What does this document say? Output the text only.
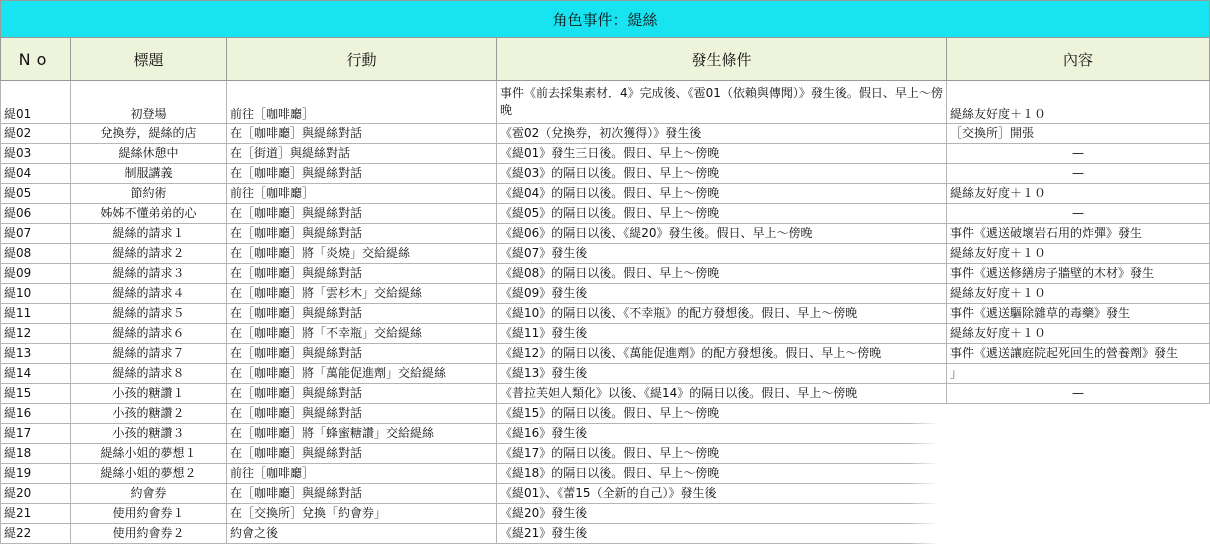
角色事件：緹絲
No	標題	行動	發生條件	內容
緹01	初登場	前往［咖啡廳］	事件《前去採集素材．4》完成後、《雹01（依賴與傳聞）》發生後。假日、早上～傍晚	緹絲友好度＋１０
緹02	兌換券，緹絲的店	在［咖啡廳］與緹絲對話	《雹02（兌換券，初次獲得）》發生後	［交換所］開張
緹03	緹絲休憩中	在［街道］與緹絲對話	《緹01》發生三日後。假日、早上～傍晚	—
緹04	制服講義	在［咖啡廳］與緹絲對話	《緹03》的隔日以後。假日、早上～傍晚	—
緹05	節約術	前往［咖啡廳］	《緹04》的隔日以後。假日、早上～傍晚	緹絲友好度＋１０
緹06	姊姊不懂弟弟的心	在［咖啡廳］與緹絲對話	《緹05》的隔日以後。假日、早上～傍晚	—
緹07	緹絲的請求１	在［咖啡廳］與緹絲對話	《緹06》的隔日以後、《緹20》發生後。假日、早上～傍晚	事件《遞送破壞岩石用的炸彈》發生
緹08	緹絲的請求２	在［咖啡廳］將「炎燒」交給緹絲	《緹07》發生後	緹絲友好度＋１０
緹09	緹絲的請求３	在［咖啡廳］與緹絲對話	《緹08》的隔日以後。假日、早上～傍晚	事件《遞送修繕房子牆壁的木材》發生
緹10	緹絲的請求４	在［咖啡廳］將「雲杉木」交給緹絲	《緹09》發生後	緹絲友好度＋１０
緹11	緹絲的請求５	在［咖啡廳］與緹絲對話	《緹10》的隔日以後、《不幸瓶》的配方發想後。假日、早上～傍晚	事件《遞送驅除雜草的毒藥》發生
緹12	緹絲的請求６	在［咖啡廳］將「不幸瓶」交給緹絲	《緹11》發生後	緹絲友好度＋１０
緹13	緹絲的請求７	在［咖啡廳］與緹絲對話	《緹12》的隔日以後、《萬能促進劑》的配方發想後。假日、早上～傍晚	事件《遞送讓庭院起死回生的營養劑》發生
緹14	緹絲的請求８	在［咖啡廳］將「萬能促進劑」交給緹絲	《緹13》發生後	」
緹15	小孩的糖讚１	在［咖啡廳］與緹絲對話	《普拉芙妲人類化》以後、《緹14》的隔日以後。假日、早上～傍晚	—
緹16	小孩的糖讚２	在［咖啡廳］與緹絲對話	《緹15》的隔日以後。假日、早上～傍晚	
緹17	小孩的糖讚３	在［咖啡廳］將「蜂蜜糖讚」交給緹絲	《緹16》發生後	
緹18	緹絲小姐的夢想１	在［咖啡廳］與緹絲對話	《緹17》的隔日以後。假日、早上～傍晚	
緹19	緹絲小姐的夢想２	前往［咖啡廳］	《緹18》的隔日以後。假日、早上～傍晚	
緹20	約會券	在［咖啡廳］與緹絲對話	《緹01》、《蕾15（全新的自己）》發生後	
緹21	使用約會券１	在［交換所］兌換「約會券」	《緹20》發生後	
緹22	使用約會券２	約會之後	《緹21》發生後	
